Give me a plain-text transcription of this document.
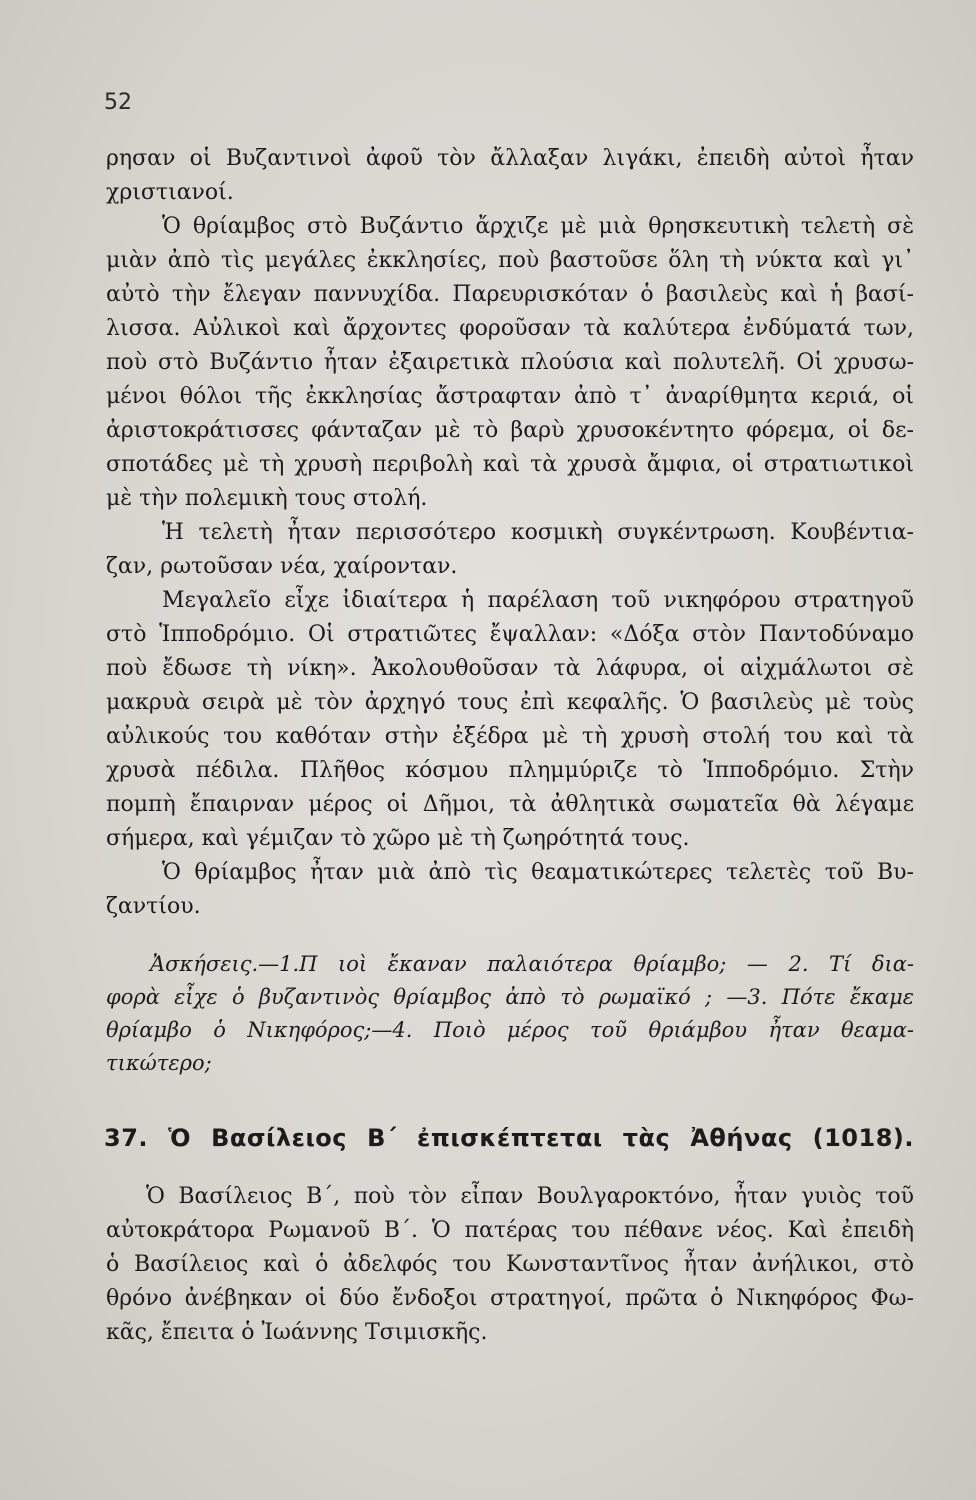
52
ρησαν οἱ Βυζαντινοὶ ἀφοῦ τὸν ἄλλαξαν λιγάκι, ἐπειδὴ αὐτοὶ ἦταν
χριστιανοί.
Ὁ θρίαμβος στὸ Βυζάντιο ἄρχιζε μὲ μιὰ θρησκευτικὴ τελετὴ σὲ
μιὰν ἀπὸ τὶς μεγάλες ἐκκλησίες, ποὺ βαστοῦσε ὅλη τὴ νύκτα καὶ γι᾿
αὐτὸ τὴν ἔλεγαν παννυχίδα. Παρευρισκόταν ὁ βασιλεὺς καὶ ἡ βασί-
λισσα. Αὐλικοὶ καὶ ἄρχοντες φοροῦσαν τὰ καλύτερα ἐνδύματά των,
ποὺ στὸ Βυζάντιο ἦταν ἐξαιρετικὰ πλούσια καὶ πολυτελῆ. Οἱ χρυσω-
μένοι θόλοι τῆς ἐκκλησίας ἄστραφταν ἀπὸ τ᾿ ἀναρίθμητα κεριά, οἱ
ἀριστοκράτισσες φάνταζαν μὲ τὸ βαρὺ χρυσοκέντητο φόρεμα, οἱ δε-
σποτάδες μὲ τὴ χρυσὴ περιβολὴ καὶ τὰ χρυσὰ ἄμφια, οἱ στρατιωτικοὶ
μὲ τὴν πολεμικὴ τους στολή.
Ἡ τελετὴ ἦταν περισσότερο κοσμικὴ συγκέντρωση. Κουβέντια-
ζαν, ρωτοῦσαν νέα, χαίρονταν.
Μεγαλεῖο εἶχε ἰδιαίτερα ἡ παρέλαση τοῦ νικηφόρου στρατηγοῦ
στὸ Ἱπποδρόμιο. Οἱ στρατιῶτες ἔψαλλαν: «Δόξα στὸν Παντοδύναμο
ποὺ ἔδωσε τὴ νίκη». Ἀκολουθοῦσαν τὰ λάφυρα, οἱ αἰχμάλωτοι σὲ
μακρυὰ σειρὰ μὲ τὸν ἀρχηγό τους ἐπὶ κεφαλῆς. Ὁ βασιλεὺς μὲ τοὺς
αὐλικούς του καθόταν στὴν ἐξέδρα μὲ τὴ χρυσὴ στολή του καὶ τὰ
χρυσὰ πέδιλα. Πλῆθος κόσμου πλημμύριζε τὸ Ἱπποδρόμιο. Στὴν
πομπὴ ἔπαιρναν μέρος οἱ Δῆμοι, τὰ ἀθλητικὰ σωματεῖα θὰ λέγαμε
σήμερα, καὶ γέμιζαν τὸ χῶρο μὲ τὴ ζωηρότητά τους.
Ὁ θρίαμβος ἦταν μιὰ ἀπὸ τὶς θεαματικώτερες τελετὲς τοῦ Βυ-
ζαντίου.
Ἀσκήσεις.—1.Π ιοὶ ἔκαναν παλαιότερα θρίαμβο; — 2. Τί δια-
φορὰ εἶχε ὁ βυζαντινὸς θρίαμβος ἀπὸ τὸ ρωμαϊκό ; —3. Πότε ἔκαμε
θρίαμβο ὁ Νικηφόρος;—4. Ποιὸ μέρος τοῦ θριάμβου ἦταν θεαμα-
τικώτερο;
37. Ὁ Βασίλειος Β΄ ἐπισκέπτεται τὰς Ἀθήνας (1018).
Ὁ Βασίλειος Β΄, ποὺ τὸν εἶπαν Βουλγαροκτόνο, ἦταν γυιὸς τοῦ
αὐτοκράτορα Ρωμανοῦ Β΄. Ὁ πατέρας του πέθανε νέος. Καὶ ἐπειδὴ
ὁ Βασίλειος καὶ ὁ ἀδελφός του Κωνσταντῖνος ἦταν ἀνήλικοι, στὸ
θρόνο ἀνέβηκαν οἱ δύο ἔνδοξοι στρατηγοί, πρῶτα ὁ Νικηφόρος Φω-
κᾶς, ἔπειτα ὁ Ἰωάννης Τσιμισκῆς.
